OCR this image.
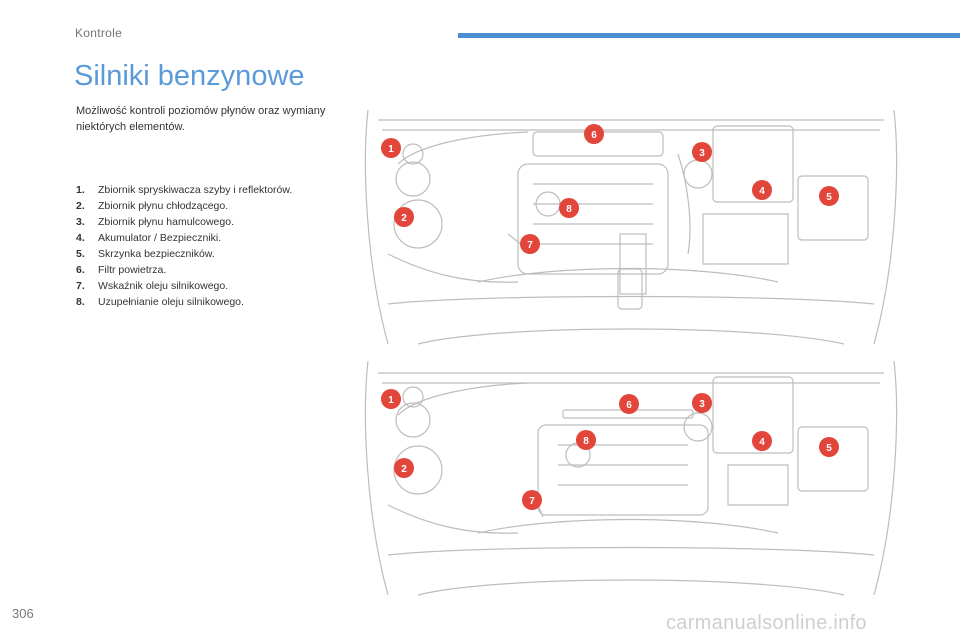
Kontrole
Silniki benzynowe

Możliwość kontroli poziomów płynów oraz wymiany niektórych elementów.

1. Zbiornik spryskiwacza szyby i reflektorów.
2. Zbiornik płynu chłodzącego.
3. Zbiornik płynu hamulcowego.
4. Akumulator / Bezpieczniki.
5. Skrzynka bezpieczników.
6. Filtr powietrza.
7. Wskaźnik oleju silnikowego.
8. Uzupełnianie oleju silnikowego.
1
2
3
4
5
6
7
8
1
2
3
4
5
6
7
8
306	carmanualsonline.info
